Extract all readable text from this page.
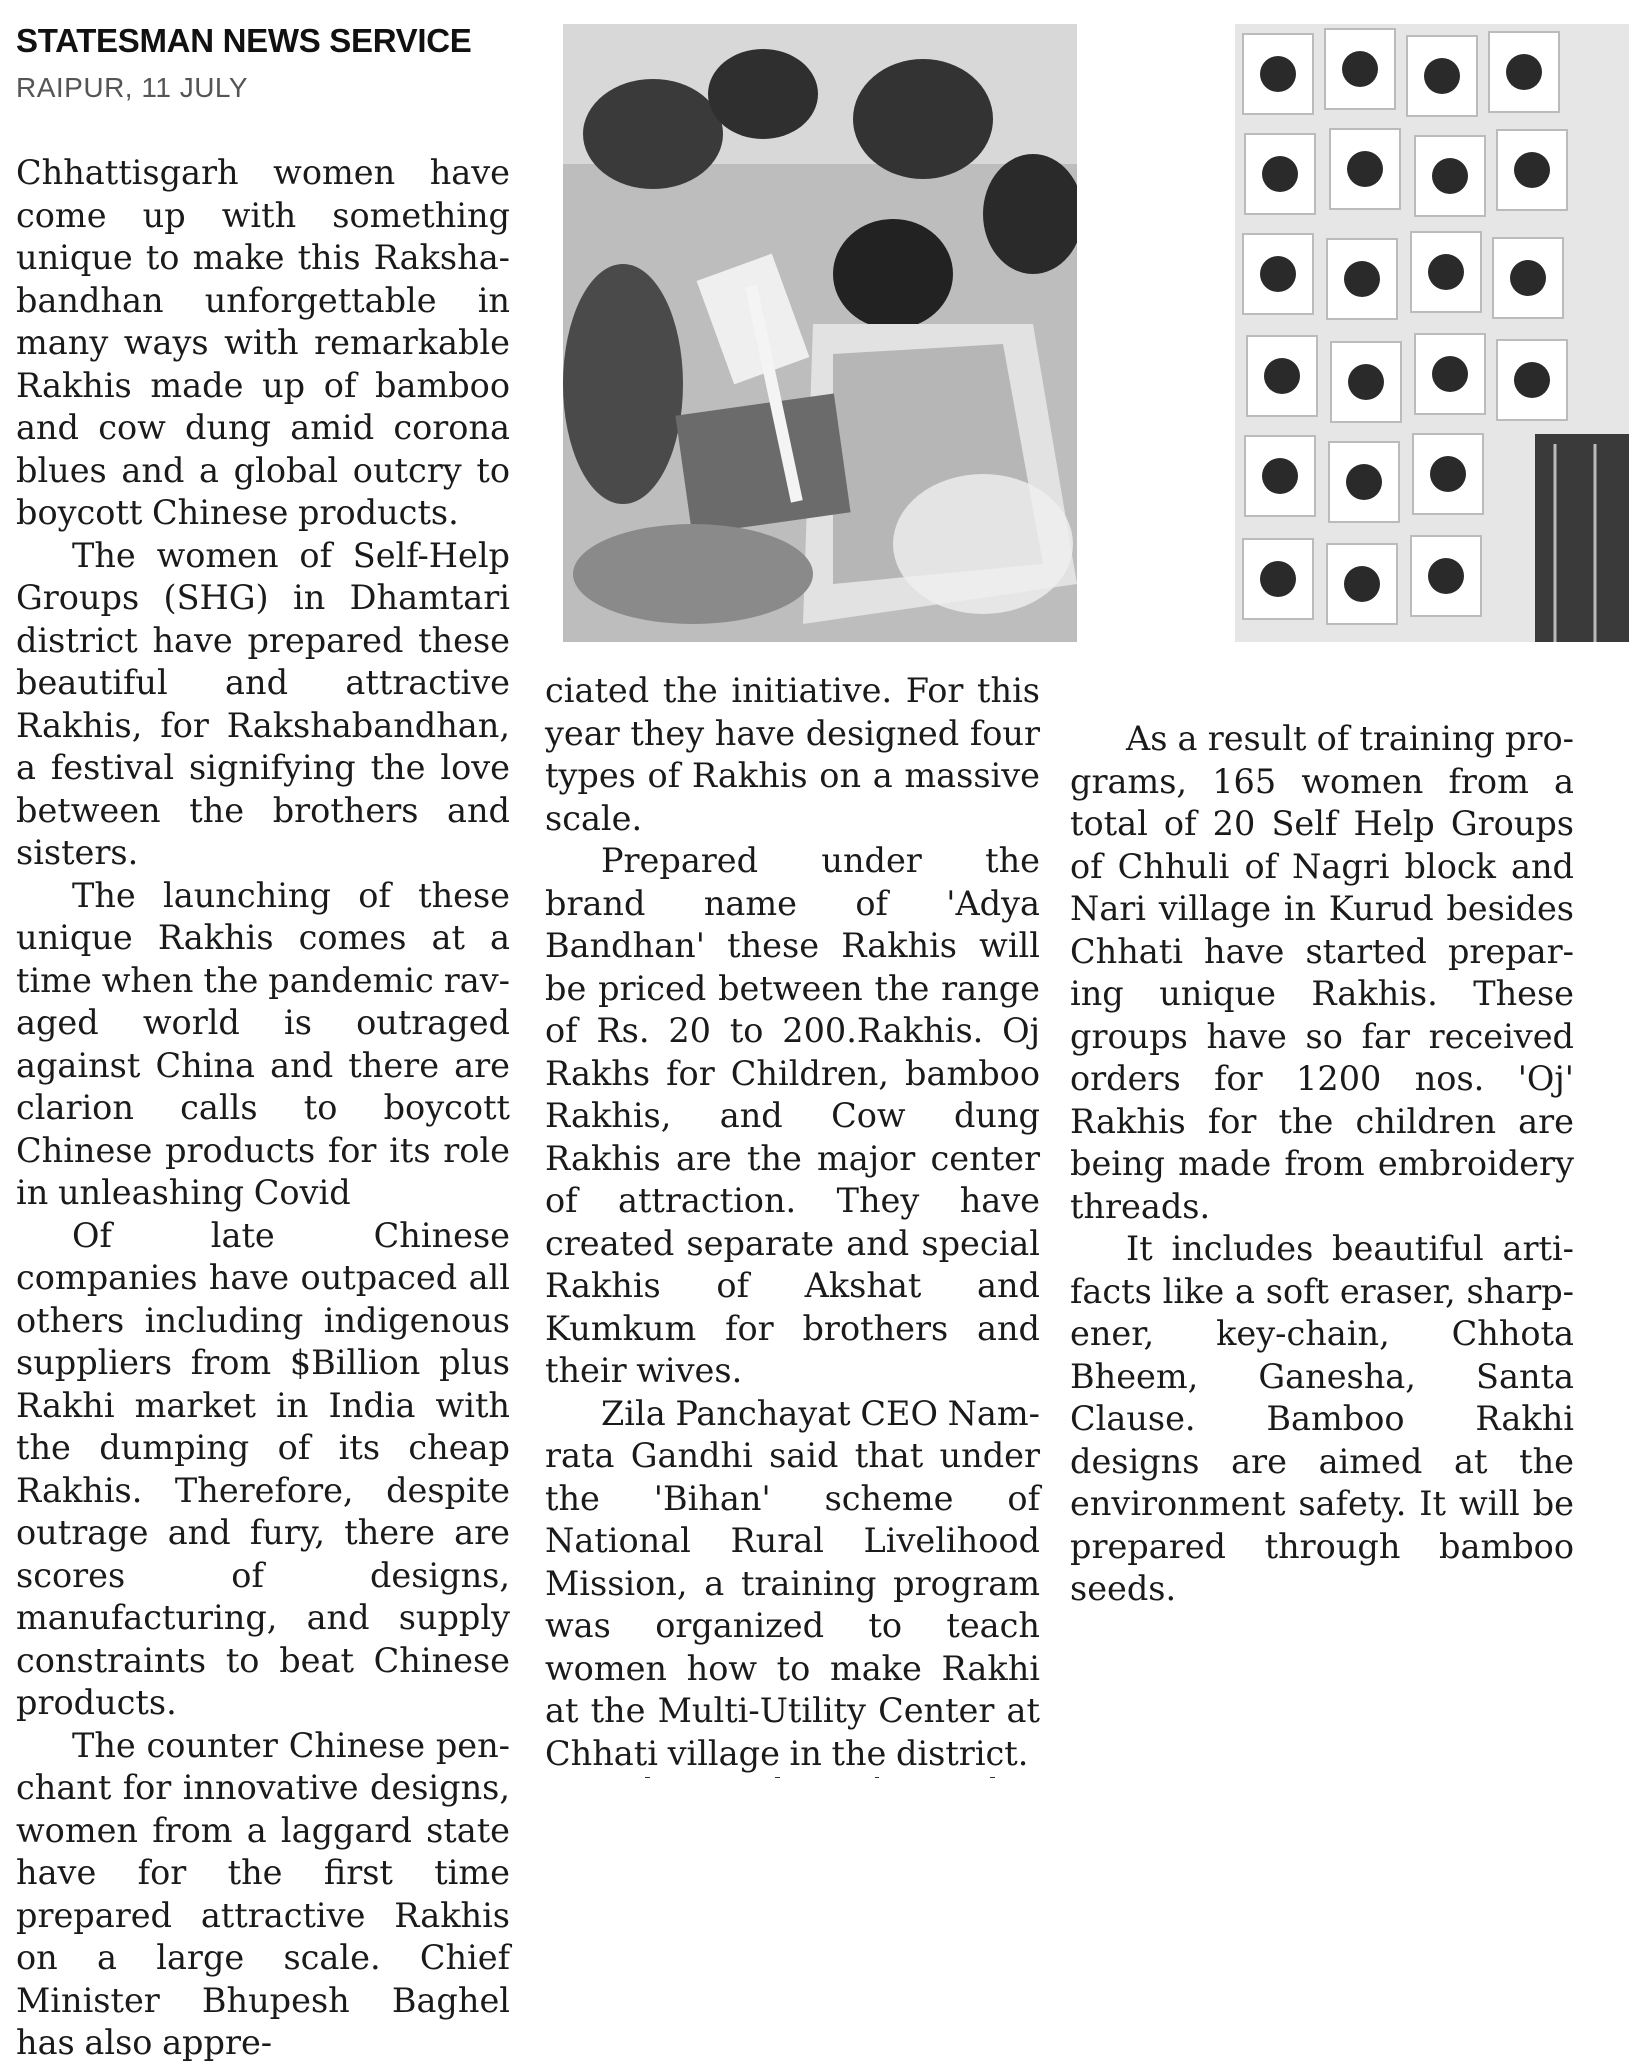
STATESMAN NEWS SERVICE
RAIPUR, 11 JULY

Chhattisgarh women have come up with something unique to make this Rakshabandhan unforgettable in many ways with remarkable Rakhis made up of bamboo and cow dung amid corona blues and a global outcry to boycott Chinese products.

The women of Self-Help Groups (SHG) in Dhamtari district have prepared these beautiful and attractive Rakhis, for Rakshabandhan, a festival signifying the love between the brothers and sisters.

The launching of these unique Rakhis comes at a time when the pandemic ravaged world is outraged against China and there are clarion calls to boycott Chinese products for its role in unleashing Covid

Of late Chinese companies have outpaced all others including indigenous suppliers from $Billion plus Rakhi market in India with the dumping of its cheap Rakhis. Therefore, despite outrage and fury, there are scores of designs, manufacturing, and supply constraints to beat Chinese products.

The counter Chinese penchant for innovative designs, women from a laggard state have for the first time prepared attractive Rakhis on a large scale. Chief Minister Bhupesh Baghel has also appre-

ciated the initiative. For this year they have designed four types of Rakhis on a massive scale.

Prepared under the brand name of 'Adya Bandhan' these Rakhis will be priced between the range of Rs. 20 to 200.Rakhis. Oj Rakhs for Children, bamboo Rakhis, and Cow dung Rakhis are the major center of attraction. They have created separate and special Rakhis of Akshat and Kumkum for brothers and their wives.

Zila Panchayat CEO Namrata Gandhi said that under the 'Bihan' scheme of National Rural Livelihood Mission, a training program was organized to teach women how to make Rakhi at the Multi-Utility Center at Chhati village in the district.

As a result of training programs, 165 women from a total of 20 Self Help Groups of Chhuli of Nagri block and Nari village in Kurud besides Chhati have started preparing unique Rakhis. These groups have so far received orders for 1200 nos. 'Oj' Rakhis for the children are being made from embroidery threads.

It includes beautiful artifacts like a soft eraser, sharpener, key-chain, Chhota Bheem, Ganesha, Santa Clause. Bamboo Rakhi designs are aimed at the environment safety. It will be prepared through bamboo seeds.
